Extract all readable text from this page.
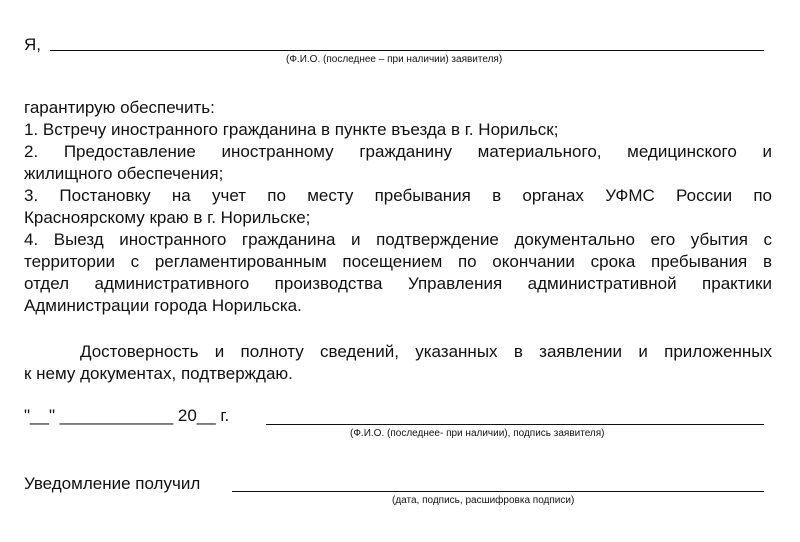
Я,
(Ф.И.О. (последнее – при наличии) заявителя)
гарантирую обеспечить:
1. Встречу иностранного гражданина в пункте въезда в г. Норильск;
2. Предоставление иностранному гражданину материального, медицинского и
жилищного обеспечения;
3. Постановку на учет по месту пребывания в органах УФМС России по
Красноярскому краю в г. Норильске;
4. Выезд иностранного гражданина и подтверждение документально его убытия с
территории с регламентированным посещением по окончании срока пребывания в
отдел административного производства Управления административной практики
Администрации города Норильска.
Достоверность и полноту сведений, указанных в заявлении и приложенных
к нему документах, подтверждаю.
"__" ____________ 20__ г.
(Ф.И.О. (последнее- при наличии), подпись заявителя)
Уведомление получил
(дата, подпись, расшифровка подписи)
